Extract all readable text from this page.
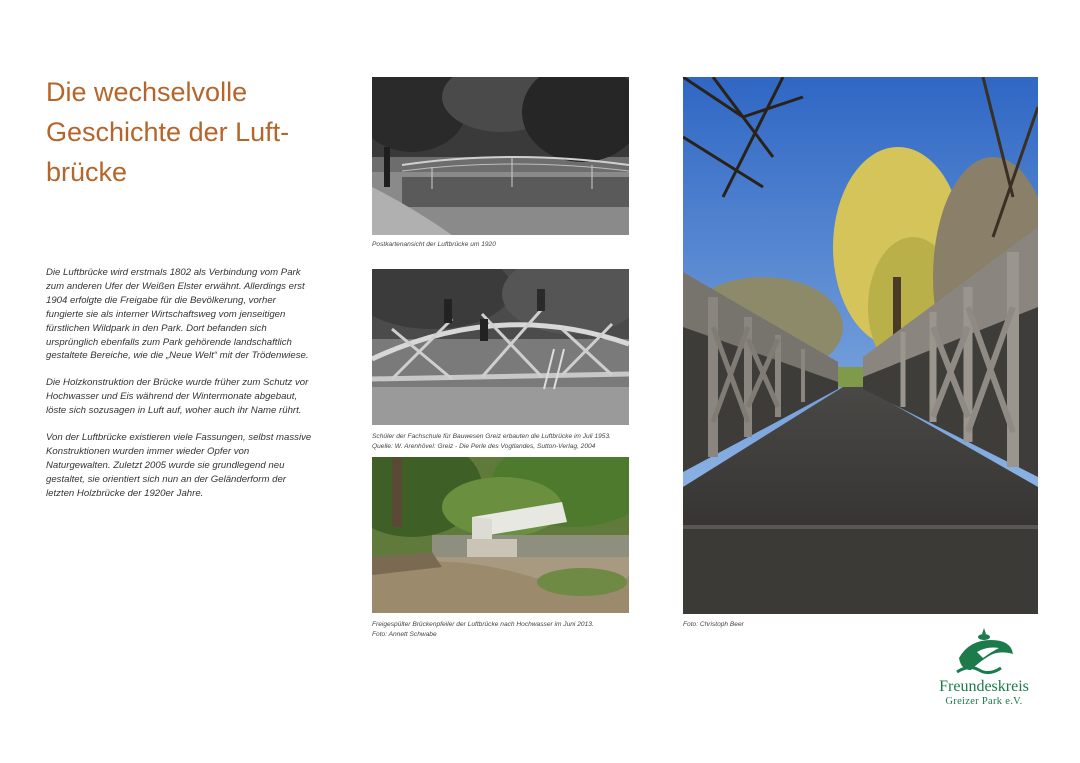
Die wechselvolle
Geschichte der Luft-
brücke

Die Luftbrücke wird erstmals 1802 als Verbindung vom Park zum anderen Ufer der Weißen Elster erwähnt. Allerdings erst 1904 erfolgte die Freigabe für die Bevölkerung, vorher fungierte sie als interner Wirtschaftsweg vom jenseitigen fürstlichen Wildpark in den Park. Dort befanden sich ursprünglich ebenfalls zum Park gehörende landschaftlich gestaltete Bereiche, wie die „Neue Welt“ mit der Trödenwiese.

Die Holzkonstruktion der Brücke wurde früher zum Schutz vor Hochwasser und Eis während der Wintermonate abgebaut, löste sich sozusagen in Luft auf, woher auch ihr Name rührt.

Von der Luftbrücke existieren viele Fassungen, selbst massive Konstruktionen wurden immer wieder Opfer von Naturgewalten. Zuletzt 2005 wurde sie grundlegend neu gestaltet, sie orientiert sich nun an der Geländerform der letzten Holzbrücke der 1920er Jahre.

Postkartenansicht der Luftbrücke um 1920
Schüler der Fachschule für Bauwesen Greiz erbauten die Luftbrücke im Juli 1953.
Quelle: W. Arenhövel: Greiz - Die Perle des Vogtlandes, Sutton-Verlag, 2004
Freigespülter Brückenpfeiler der Luftbrücke nach Hochwasser im Juni 2013.
Foto: Annett Schwabe
Foto: Christoph Beer
Freundeskreis
Greizer Park e.V.
